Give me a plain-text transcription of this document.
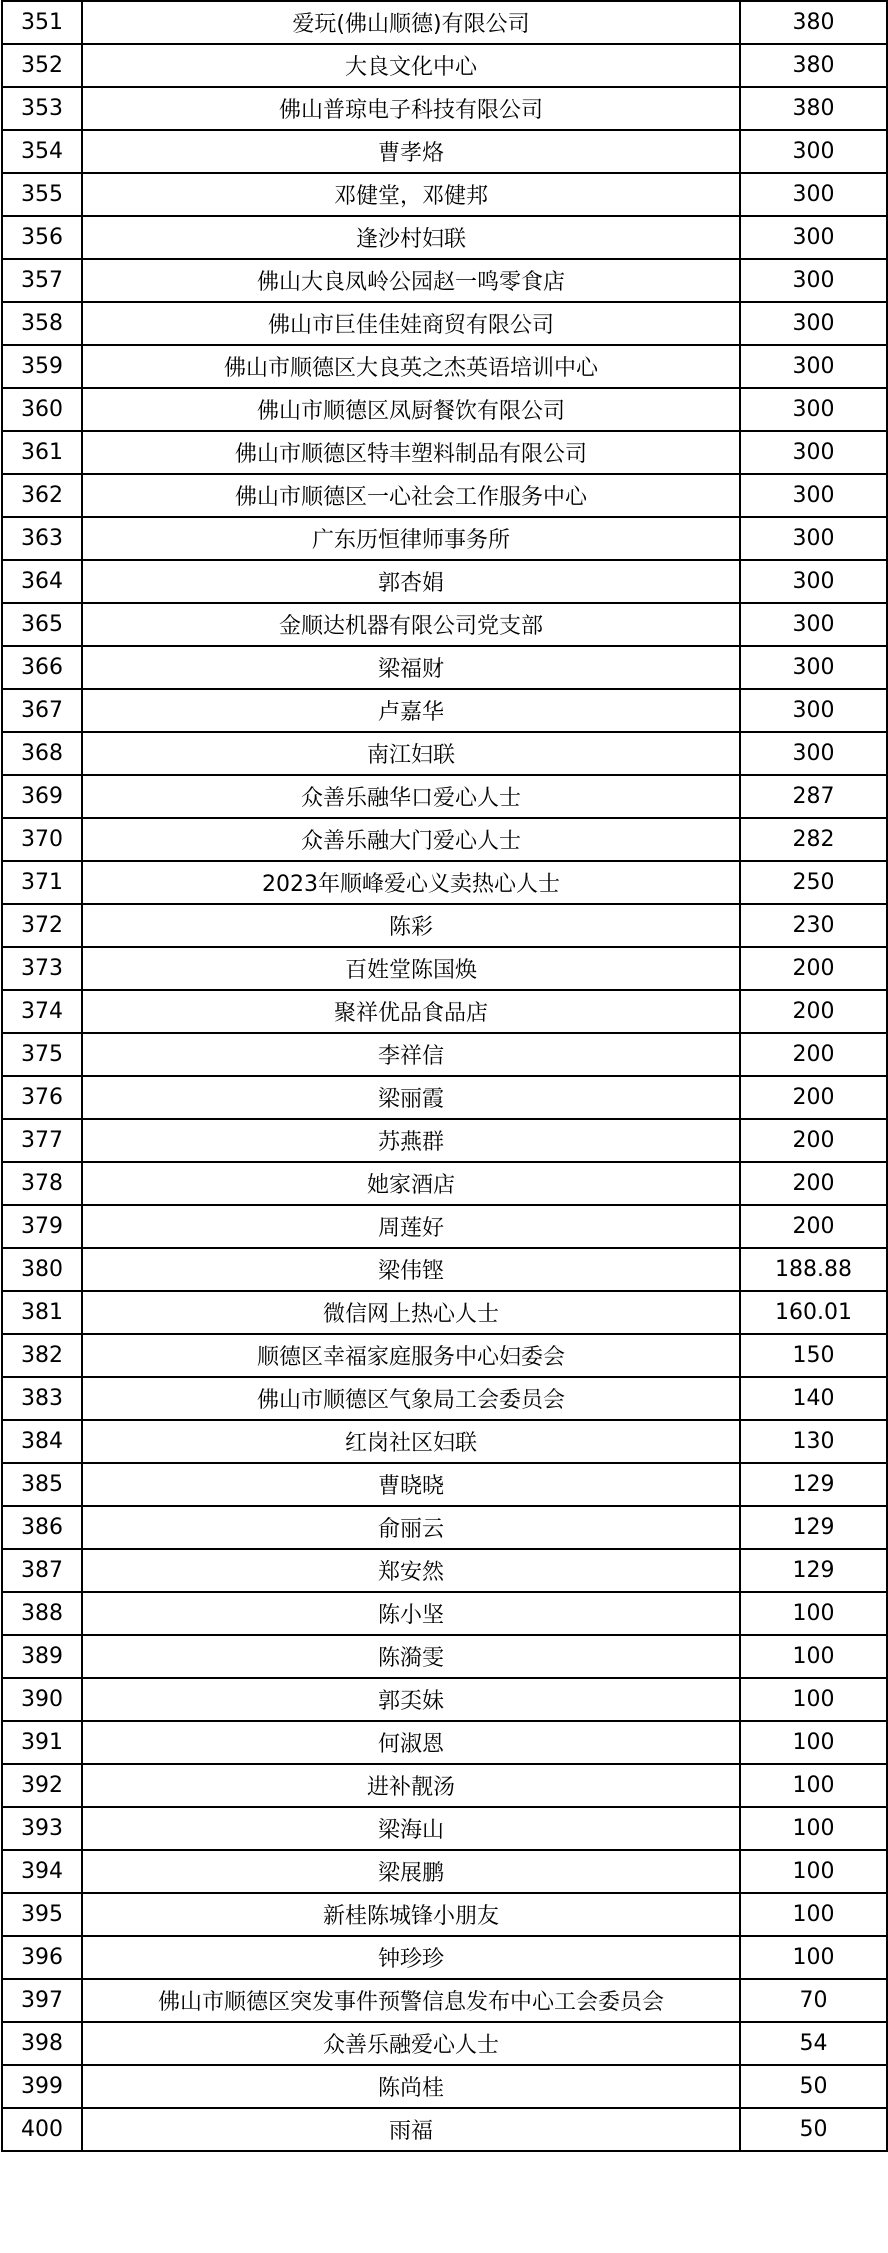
351	爱玩(佛山顺德)有限公司	380
352	大良文化中心	380
353	佛山普琼电子科技有限公司	380
354	曹孝烙	300
355	邓健堂，邓健邦	300
356	逢沙村妇联	300
357	佛山大良凤岭公园赵一鸣零食店	300
358	佛山市巨佳佳娃商贸有限公司	300
359	佛山市顺德区大良英之杰英语培训中心	300
360	佛山市顺德区凤厨餐饮有限公司	300
361	佛山市顺德区特丰塑料制品有限公司	300
362	佛山市顺德区一心社会工作服务中心	300
363	广东历恒律师事务所	300
364	郭杏娟	300
365	金顺达机器有限公司党支部	300
366	梁福财	300
367	卢嘉华	300
368	南江妇联	300
369	众善乐融华口爱心人士	287
370	众善乐融大门爱心人士	282
371	2023年顺峰爱心义卖热心人士	250
372	陈彩	230
373	百姓堂陈国焕	200
374	聚祥优品食品店	200
375	李祥信	200
376	梁丽霞	200
377	苏燕群	200
378	她家酒店	200
379	周莲好	200
380	梁伟铿	188.88
381	微信网上热心人士	160.01
382	顺德区幸福家庭服务中心妇委会	150
383	佛山市顺德区气象局工会委员会	140
384	红岗社区妇联	130
385	曹晓晓	129
386	俞丽云	129
387	郑安然	129
388	陈小坚	100
389	陈漪雯	100
390	郭奀妹	100
391	何淑恩	100
392	进补靓汤	100
393	梁海山	100
394	梁展鹏	100
395	新桂陈城锋小朋友	100
396	钟珍珍	100
397	佛山市顺德区突发事件预警信息发布中心工会委员会	70
398	众善乐融爱心人士	54
399	陈尚桂	50
400	雨福	50
